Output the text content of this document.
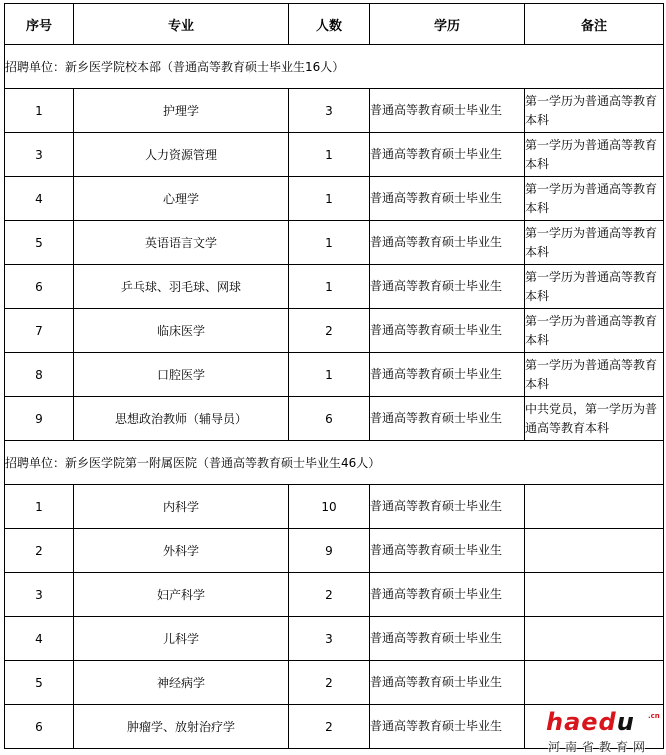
序号	专业	人数	学历	备注
招聘单位：新乡医学院校本部（普通高等教育硕士毕业生16人）				
1	护理学	3	普通高等教育硕士毕业生	第一学历为普通高等教育本科
3	人力资源管理	1	普通高等教育硕士毕业生	第一学历为普通高等教育本科
4	心理学	1	普通高等教育硕士毕业生	第一学历为普通高等教育本科
5	英语语言文学	1	普通高等教育硕士毕业生	第一学历为普通高等教育本科
6	乒乓球、羽毛球、网球	1	普通高等教育硕士毕业生	第一学历为普通高等教育本科
7	临床医学	2	普通高等教育硕士毕业生	第一学历为普通高等教育本科
8	口腔医学	1	普通高等教育硕士毕业生	第一学历为普通高等教育本科
9	思想政治教师（辅导员）	6	普通高等教育硕士毕业生	中共党员，第一学历为普通高等教育本科
招聘单位：新乡医学院第一附属医院（普通高等教育硕士毕业生46人）				
1	内科学	10	普通高等教育硕士毕业生	
2	外科学	9	普通高等教育硕士毕业生	
3	妇产科学	2	普通高等教育硕士毕业生	
4	儿科学	3	普通高等教育硕士毕业生	
5	神经病学	2	普通高等教育硕士毕业生	
6	肿瘤学、放射治疗学	2	普通高等教育硕士毕业生	haedu .cn
河南省教育网
